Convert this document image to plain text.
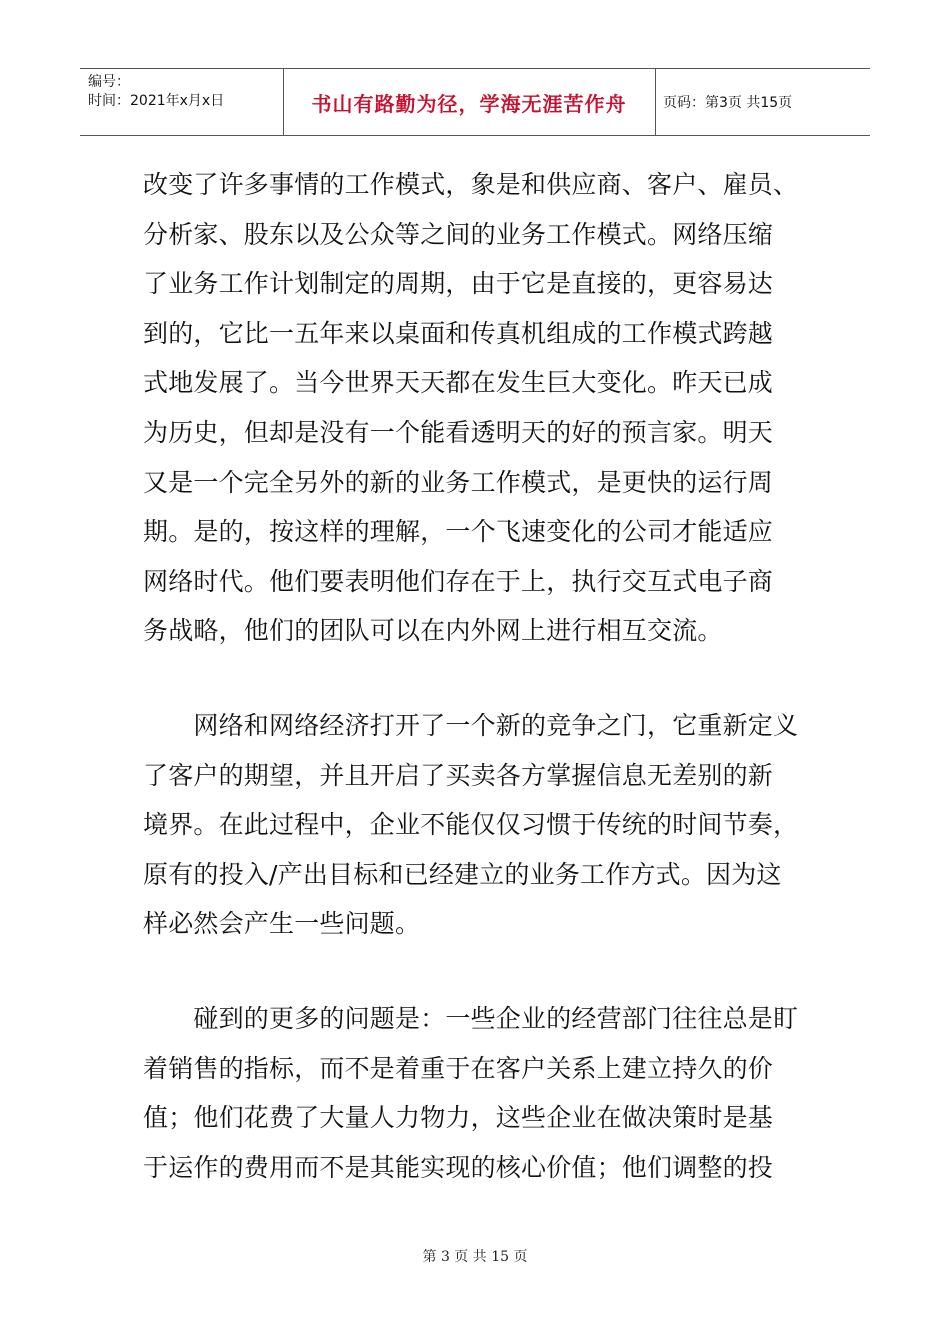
编号：
时间：2021年x月x日	书山有路勤为径，学海无涯苦作舟	页码：第3页 共15页

改变了许多事情的工作模式，象是和供应商、客户、雇员、
分析家、股东以及公众等之间的业务工作模式。网络压缩
了业务工作计划制定的周期，由于它是直接的，更容易达
到的，它比一五年来以桌面和传真机组成的工作模式跨越
式地发展了。当今世界天天都在发生巨大变化。昨天已成
为历史，但却是没有一个能看透明天的好的预言家。明天
又是一个完全另外的新的业务工作模式，是更快的运行周
期。是的，按这样的理解，一个飞速变化的公司才能适应
网络时代。他们要表明他们存在于上，执行交互式电子商
务战略，他们的团队可以在内外网上进行相互交流。

　　网络和网络经济打开了一个新的竞争之门，它重新定义
了客户的期望，并且开启了买卖各方掌握信息无差别的新
境界。在此过程中，企业不能仅仅习惯于传统的时间节奏，
原有的投入/产出目标和已经建立的业务工作方式。因为这
样必然会产生一些问题。

　　碰到的更多的问题是：一些企业的经营部门往往总是盯
着销售的指标，而不是着重于在客户关系上建立持久的价
值；他们花费了大量人力物力，这些企业在做决策时是基
于运作的费用而不是其能实现的核心价值；他们调整的投

第 3 页 共 15 页
